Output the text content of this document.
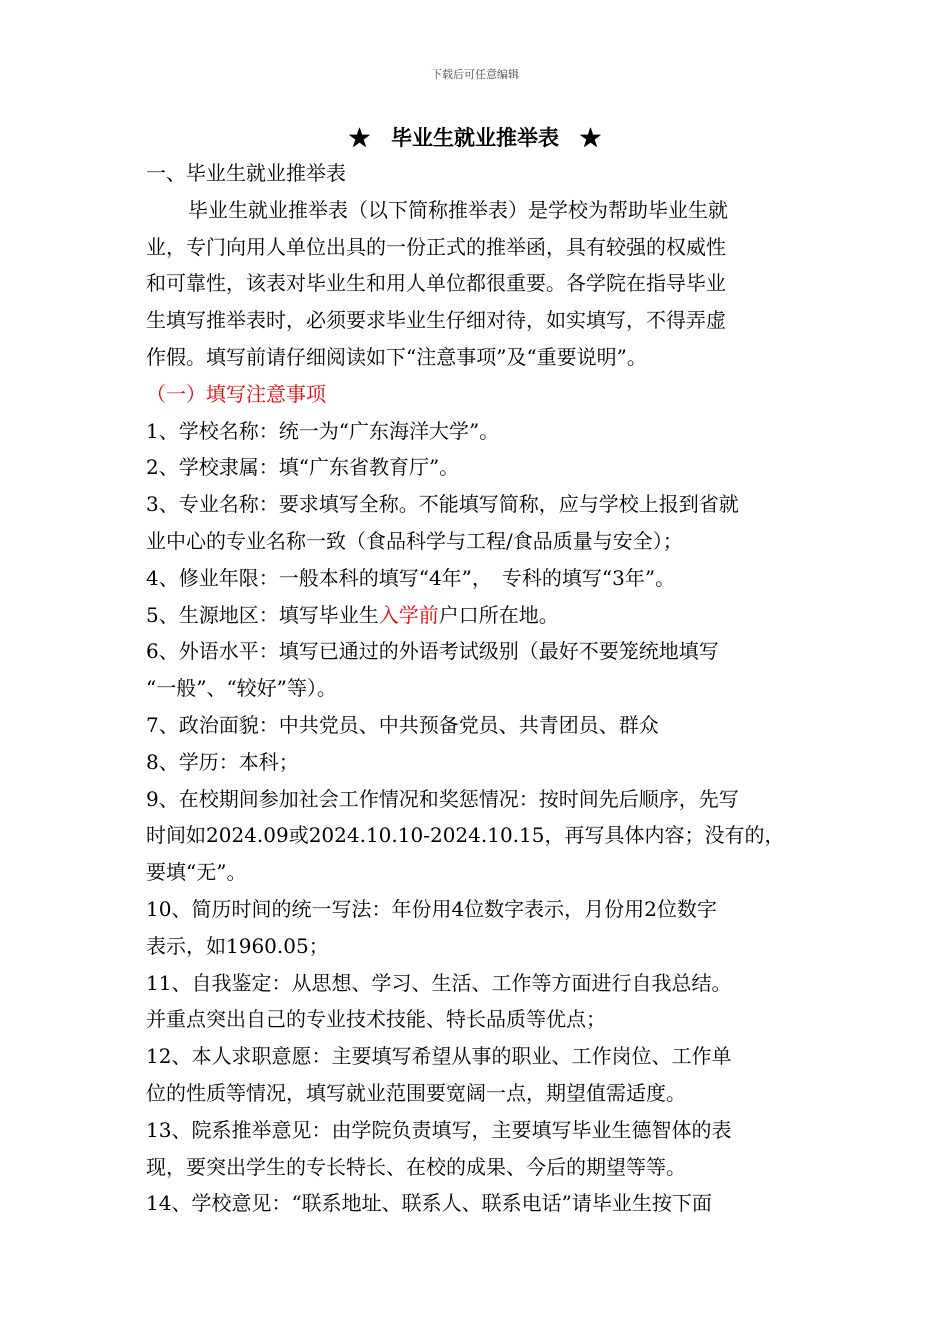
下载后可任意编辑
★　毕业生就业推举表　★
一、毕业生就业推举表
毕业生就业推举表（以下简称推举表）是学校为帮助毕业生就
业，专门向用人单位出具的一份正式的推举函，具有较强的权威性
和可靠性，该表对毕业生和用人单位都很重要。各学院在指导毕业
生填写推举表时，必须要求毕业生仔细对待，如实填写，不得弄虚
作假。填写前请仔细阅读如下“注意事项”及“重要说明”。
（一）填写注意事项
1、学校名称：统一为“广东海洋大学”。
2、学校隶属：填“广东省教育厅”。
3、专业名称：要求填写全称。不能填写简称，应与学校上报到省就
业中心的专业名称一致（食品科学与工程/食品质量与安全）；
4、修业年限：一般本科的填写“4年”，　专科的填写“3年”。
5、生源地区：填写毕业生入学前户口所在地。
6、外语水平：填写已通过的外语考试级别（最好不要笼统地填写
“一般”、“较好”等）。
7、政治面貌：中共党员、中共预备党员、共青团员、群众
8、学历：本科；
9、在校期间参加社会工作情况和奖惩情况：按时间先后顺序，先写
时间如2024.09或2024.10.10-2024.10.15，再写具体内容；没有的，
要填“无”。
10、简历时间的统一写法：年份用4位数字表示，月份用2位数字
表示，如1960.05；
11、自我鉴定：从思想、学习、生活、工作等方面进行自我总结。
并重点突出自己的专业技术技能、特长品质等优点；
12、本人求职意愿：主要填写希望从事的职业、工作岗位、工作单
位的性质等情况，填写就业范围要宽阔一点，期望值需适度。
13、院系推举意见：由学院负责填写，主要填写毕业生德智体的表
现，要突出学生的专长特长、在校的成果、今后的期望等等。
14、学校意见：“联系地址、联系人、联系电话”请毕业生按下面
